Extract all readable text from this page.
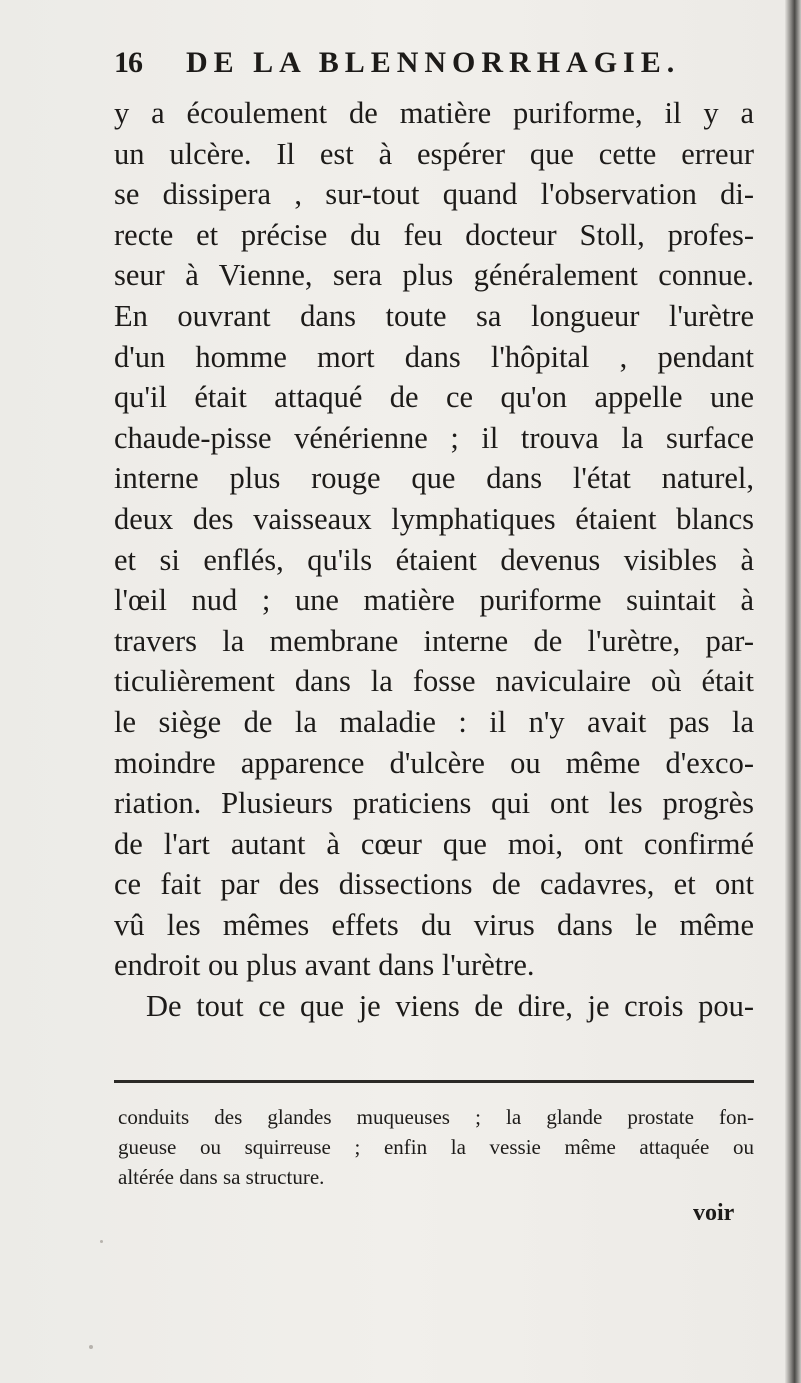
16 DE LA BLENNORRHAGIE.
y a écoulement de matière puriforme, il y a
un ulcère. Il est à espérer que cette erreur
se dissipera , sur-tout quand l'observation di-
recte et précise du feu docteur Stoll, profes-
seur à Vienne, sera plus généralement connue.
En ouvrant dans toute sa longueur l'urètre
d'un homme mort dans l'hôpital , pendant
qu'il était attaqué de ce qu'on appelle une
chaude-pisse vénérienne ; il trouva la surface
interne plus rouge que dans l'état naturel,
deux des vaisseaux lymphatiques étaient blancs
et si enflés, qu'ils étaient devenus visibles à
l'œil nud ; une matière puriforme suintait à
travers la membrane interne de l'urètre, par-
ticulièrement dans la fosse naviculaire où était
le siège de la maladie : il n'y avait pas la
moindre apparence d'ulcère ou même d'exco-
riation. Plusieurs praticiens qui ont les progrès
de l'art autant à cœur que moi, ont confirmé
ce fait par des dissections de cadavres, et ont
vû les mêmes effets du virus dans le même
endroit ou plus avant dans l'urètre.
De tout ce que je viens de dire, je crois pou-
conduits des glandes muqueuses ; la glande prostate fon-
gueuse ou squirreuse ; enfin la vessie même attaquée ou
altérée dans sa structure.
voir
